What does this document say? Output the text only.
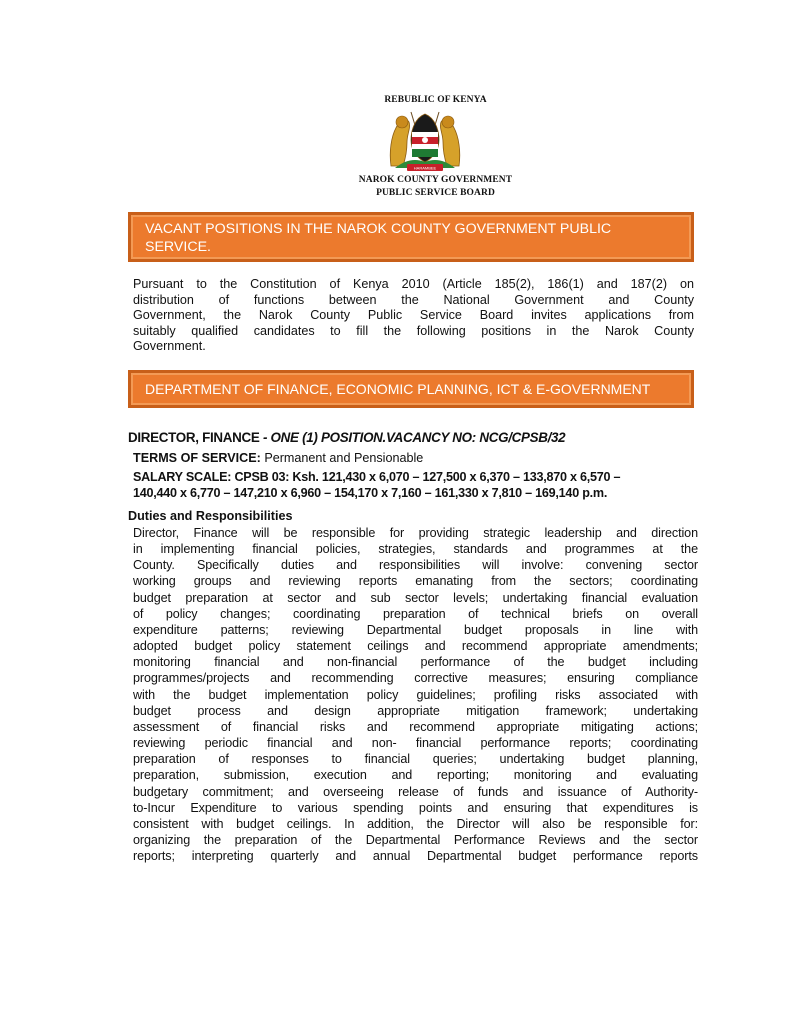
REBUBLIC OF KENYA
HARAMBEE
NAROK COUNTY GOVERNMENT
PUBLIC SERVICE BOARD
VACANT POSITIONS IN THE NAROK COUNTY GOVERNMENT PUBLIC SERVICE.
Pursuant to the Constitution of Kenya 2010 (Article 185(2), 186(1) and 187(2) on
distribution of functions between the National Government and County
Government, the Narok County Public Service Board invites applications from
suitably qualified candidates to fill the following positions in the Narok County
Government.
DEPARTMENT OF FINANCE, ECONOMIC PLANNING, ICT & E-GOVERNMENT
DIRECTOR, FINANCE - ONE (1) POSITION.VACANCY NO: NCG/CPSB/32
TERMS OF SERVICE: Permanent and Pensionable
SALARY SCALE: CPSB 03: Ksh. 121,430 x 6,070 – 127,500 x 6,370 – 133,870 x 6,570 –
140,440 x 6,770 – 147,210 x 6,960 – 154,170 x 7,160 – 161,330 x 7,810 – 169,140 p.m.
Duties and Responsibilities
Director, Finance will be responsible for providing strategic leadership and direction
in implementing financial policies, strategies, standards and programmes at the
County. Specifically duties and responsibilities will involve: convening sector
working groups and reviewing reports emanating from the sectors; coordinating
budget preparation at sector and sub sector levels; undertaking financial evaluation
of policy changes; coordinating preparation of technical briefs on overall
expenditure patterns; reviewing Departmental budget proposals in line with
adopted budget policy statement ceilings and recommend appropriate amendments;
monitoring financial and non-financial performance of the budget including
programmes/projects and recommending corrective measures; ensuring compliance
with the budget implementation policy guidelines; profiling risks associated with
budget process and design appropriate mitigation framework; undertaking
assessment of financial risks and recommend appropriate mitigating actions;
reviewing periodic financial and non- financial performance reports; coordinating
preparation of responses to financial queries; undertaking budget planning,
preparation, submission, execution and reporting; monitoring and evaluating
budgetary commitment; and overseeing release of funds and issuance of Authority-
to-Incur Expenditure to various spending points and ensuring that expenditures is
consistent with budget ceilings. In addition, the Director will also be responsible for:
organizing the preparation of the Departmental Performance Reviews and the sector
reports; interpreting quarterly and annual Departmental budget performance reports
